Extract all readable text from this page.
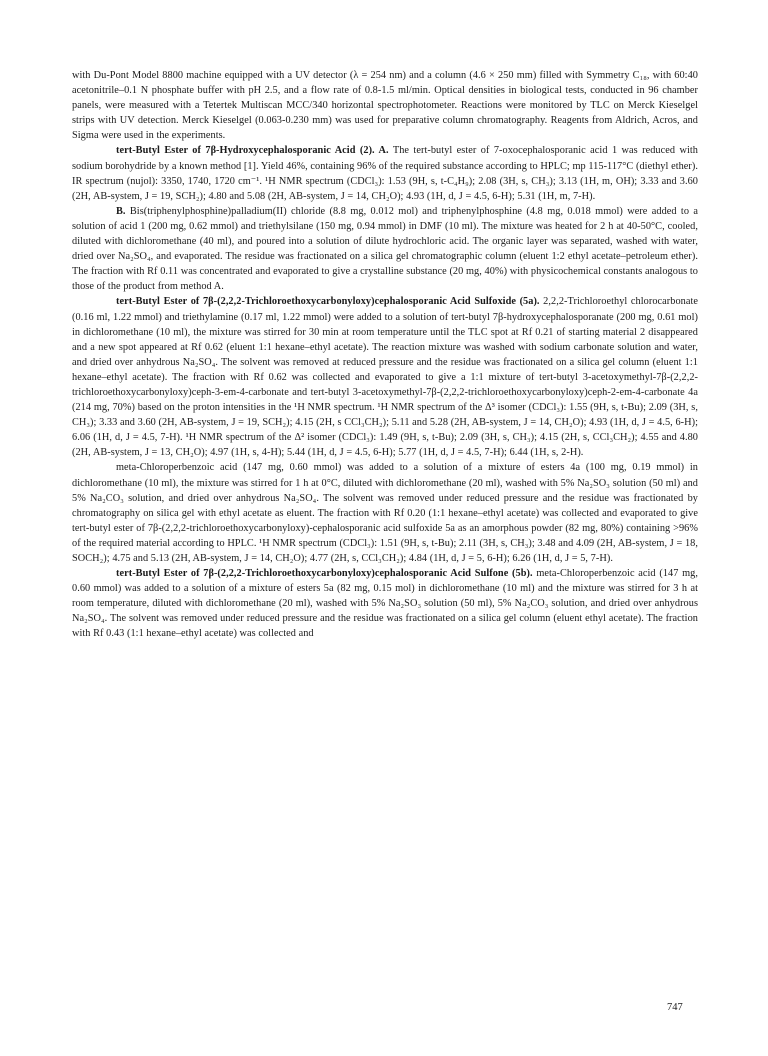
with Du-Pont Model 8800 machine equipped with a UV detector (λ = 254 nm) and a column (4.6 × 250 mm) filled with Symmetry C₁₈, with 60:40 acetonitrile–0.1 N phosphate buffer with pH 2.5, and a flow rate of 0.8-1.5 ml/min. Optical densities in biological tests, conducted in 96 chamber panels, were measured with a Tetertek Multiscan MCC/340 horizontal spectrophotometer. Reactions were monitored by TLC on Merck Kieselgel strips with UV detection. Merck Kieselgel (0.063-0.230 mm) was used for preparative column chromatography. Reagents from Aldrich, Acros, and Sigma were used in the experiments.

tert-Butyl Ester of 7β-Hydroxycephalosporanic Acid (2). A. The tert-butyl ester of 7-oxocephalosporanic acid 1 was reduced with sodium borohydride by a known method [1]. Yield 46%, containing 96% of the required substance according to HPLC; mp 115-117°C (diethyl ether). IR spectrum (nujol): 3350, 1740, 1720 cm⁻¹. ¹H NMR spectrum (CDCl₃): 1.53 (9H, s, t-C₄H₉); 2.08 (3H, s, CH₃); 3.13 (1H, m, OH); 3.33 and 3.60 (2H, AB-system, J = 19, SCH₂); 4.80 and 5.08 (2H, AB-system, J = 14, CH₂O); 4.93 (1H, d, J = 4.5, 6-H); 5.31 (1H, m, 7-H).

B. Bis(triphenylphosphine)palladium(II) chloride (8.8 mg, 0.012 mol) and triphenylphosphine (4.8 mg, 0.018 mmol) were added to a solution of acid 1 (200 mg, 0.62 mmol) and triethylsilane (150 mg, 0.94 mmol) in DMF (10 ml). The mixture was heated for 2 h at 40-50°C, cooled, diluted with dichloromethane (40 ml), and poured into a solution of dilute hydrochloric acid. The organic layer was separated, washed with water, dried over Na₂SO₄, and evaporated. The residue was fractionated on a silica gel chromatographic column (eluent 1:2 ethyl acetate–petroleum ether). The fraction with Rf 0.11 was concentrated and evaporated to give a crystalline substance (20 mg, 40%) with physicochemical constants analogous to those of the product from method A.

tert-Butyl Ester of 7β-(2,2,2-Trichloroethoxycarbonyloxy)cephalosporanic Acid Sulfoxide (5a). 2,2,2-Trichloroethyl chlorocarbonate (0.16 ml, 1.22 mmol) and triethylamine (0.17 ml, 1.22 mmol) were added to a solution of tert-butyl 7β-hydroxycephalosporanate (200 mg, 0.61 mol) in dichloromethane (10 ml), the mixture was stirred for 30 min at room temperature until the TLC spot at Rf 0.21 of starting material 2 disappeared and a new spot appeared at Rf 0.62 (eluent 1:1 hexane–ethyl acetate). The reaction mixture was washed with sodium carbonate solution and water, and dried over anhydrous Na₂SO₄. The solvent was removed at reduced pressure and the residue was fractionated on a silica gel column (eluent 1:1 hexane–ethyl acetate). The fraction with Rf 0.62 was collected and evaporated to give a 1:1 mixture of tert-butyl 3-acetoxymethyl-7β-(2,2,2-trichloroethoxycarbonyloxy)ceph-3-em-4-carbonate and tert-butyl 3-acetoxymethyl-7β-(2,2,2-trichloroethoxycarbonyloxy)ceph-2-em-4-carbonate 4a (214 mg, 70%) based on the proton intensities in the ¹H NMR spectrum. ¹H NMR spectrum of the Δ³ isomer (CDCl₃): 1.55 (9H, s, t-Bu); 2.09 (3H, s, CH₃); 3.33 and 3.60 (2H, AB-system, J = 19, SCH₂); 4.15 (2H, s CCl₃CH₂); 5.11 and 5.28 (2H, AB-system, J = 14, CH₂O); 4.93 (1H, d, J = 4.5, 6-H); 6.06 (1H, d, J = 4.5, 7-H). ¹H NMR spectrum of the Δ² isomer (CDCl₃): 1.49 (9H, s, t-Bu); 2.09 (3H, s, CH₃); 4.15 (2H, s, CCl₃CH₂); 4.55 and 4.80 (2H, AB-system, J = 13, CH₂O); 4.97 (1H, s, 4-H); 5.44 (1H, d, J = 4.5, 6-H); 5.77 (1H, d, J = 4.5, 7-H); 6.44 (1H, s, 2-H).

meta-Chloroperbenzoic acid (147 mg, 0.60 mmol) was added to a solution of a mixture of esters 4a (100 mg, 0.19 mmol) in dichloromethane (10 ml), the mixture was stirred for 1 h at 0°C, diluted with dichloromethane (20 ml), washed with 5% Na₂SO₃ solution (50 ml) and 5% Na₂CO₃ solution, and dried over anhydrous Na₂SO₄. The solvent was removed under reduced pressure and the residue was fractionated by chromatography on silica gel with ethyl acetate as eluent. The fraction with Rf 0.20 (1:1 hexane–ethyl acetate) was collected and evaporated to give tert-butyl ester of 7β-(2,2,2-trichloroethoxycarbonyloxy)-cephalosporanic acid sulfoxide 5a as an amorphous powder (82 mg, 80%) containing >96% of the required material according to HPLC. ¹H NMR spectrum (CDCl₃): 1.51 (9H, s, t-Bu); 2.11 (3H, s, CH₃); 3.48 and 4.09 (2H, AB-system, J = 18, SOCH₂); 4.75 and 5.13 (2H, AB-system, J = 14, CH₂O); 4.77 (2H, s, CCl₃CH₂); 4.84 (1H, d, J = 5, 6-H); 6.26 (1H, d, J = 5, 7-H).

tert-Butyl Ester of 7β-(2,2,2-Trichloroethoxycarbonyloxy)cephalosporanic Acid Sulfone (5b). meta-Chloroperbenzoic acid (147 mg, 0.60 mmol) was added to a solution of a mixture of esters 5a (82 mg, 0.15 mol) in dichloromethane (10 ml) and the mixture was stirred for 3 h at room temperature, diluted with dichloromethane (20 ml), washed with 5% Na₂SO₃ solution (50 ml), 5% Na₂CO₃ solution, and dried over anhydrous Na₂SO₄. The solvent was removed under reduced pressure and the residue was fractionated on a silica gel column (eluent ethyl acetate). The fraction with Rf 0.43 (1:1 hexane–ethyl acetate) was collected and

747
